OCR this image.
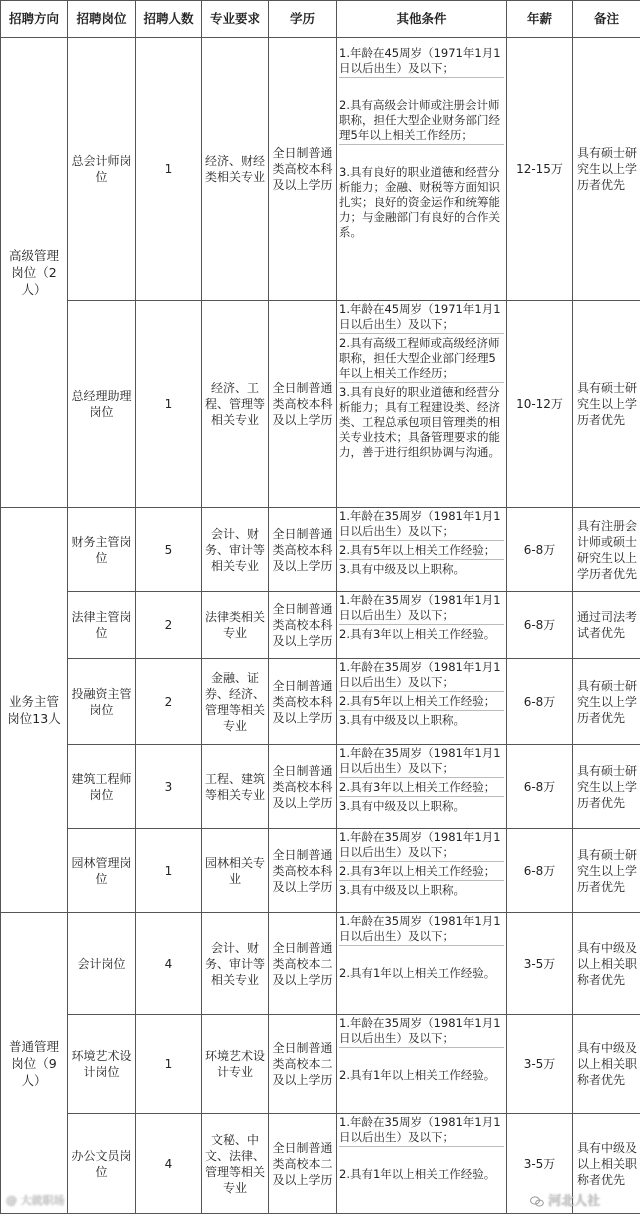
招聘方向	招聘岗位	招聘人数	专业要求	学历	其他条件	年薪	备注
高级管理岗位（2人）	总会计师岗位	1	经济、财经类相关专业	全日制普通类高校本科及以上学历	1.年龄在45周岁（1971年1月1日以后出生）及以下；
2.具有高级会计师或注册会计师职称，担任大型企业财务部门经理5年以上相关工作经历；
3.具有良好的职业道德和经营分析能力；金融、财税等方面知识扎实；良好的资金运作和统筹能力；与金融部门有良好的合作关系。	12-15万	具有硕士研究生以上学历者优先
	总经理助理岗位	1	经济、工程、管理等相关专业	全日制普通类高校本科及以上学历	1.年龄在45周岁（1971年1月1日以后出生）及以下；
2.具有高级工程师或高级经济师职称，担任大型企业部门经理5年以上相关工作经历；
3.具有良好的职业道德和经营分析能力；具有工程建设类、经济类、工程总承包项目管理类的相关专业技术；具备管理要求的能力，善于进行组织协调与沟通。	10-12万	具有硕士研究生以上学历者优先
业务主管岗位13人	财务主管岗位	5	会计、财务、审计等相关专业	全日制普通类高校本科及以上学历	1.年龄在35周岁（1981年1月1日以后出生）及以下；
2.具有5年以上相关工作经验；
3.具有中级及以上职称。	6-8万	具有注册会计师或硕士研究生以上学历者优先
	法律主管岗位	2	法律类相关专业	全日制普通类高校本科及以上学历	1.年龄在35周岁（1981年1月1日以后出生）及以下；
2.具有3年以上相关工作经验。	6-8万	通过司法考试者优先
	投融资主管岗位	2	金融、证券、经济、管理等相关专业	全日制普通类高校本科及以上学历	1.年龄在35周岁（1981年1月1日以后出生）及以下；
2.具有5年以上相关工作经验；
3.具有中级及以上职称。	6-8万	具有硕士研究生以上学历者优先
	建筑工程师岗位	3	工程、建筑等相关专业	全日制普通类高校本科及以上学历	1.年龄在35周岁（1981年1月1日以后出生）及以下；
2.具有3年以上相关工作经验；
3.具有中级及以上职称。	6-8万	具有硕士研究生以上学历者优先
	园林管理岗位	1	园林相关专业	全日制普通类高校本科及以上学历	1.年龄在35周岁（1981年1月1日以后出生）及以下；
2.具有3年以上相关工作经验；
3.具有中级及以上职称。	6-8万	具有硕士研究生以上学历者优先
普通管理岗位（9人）	会计岗位	4	会计、财务、审计等相关专业	全日制普通类高校本二及以上学历	1.年龄在35周岁（1981年1月1日以后出生）及以下；
2.具有1年以上相关工作经验。	3-5万	具有中级及以上相关职称者优先
	环境艺术设计岗位	1	环境艺术设计专业	全日制普通类高校本二及以上学历	1.年龄在35周岁（1981年1月1日以后出生）及以下；
2.具有1年以上相关工作经验。	3-5万	具有中级及以上相关职称者优先
	办公文员岗位	4	文秘、中文、法律、管理等相关专业	全日制普通类高校本二及以上学历	1.年龄在35周岁（1981年1月1日以后出生）及以下；
2.具有1年以上相关工作经验。	3-5万	具有中级及以上相关职称者优先
@ 大就职场	河北人社
